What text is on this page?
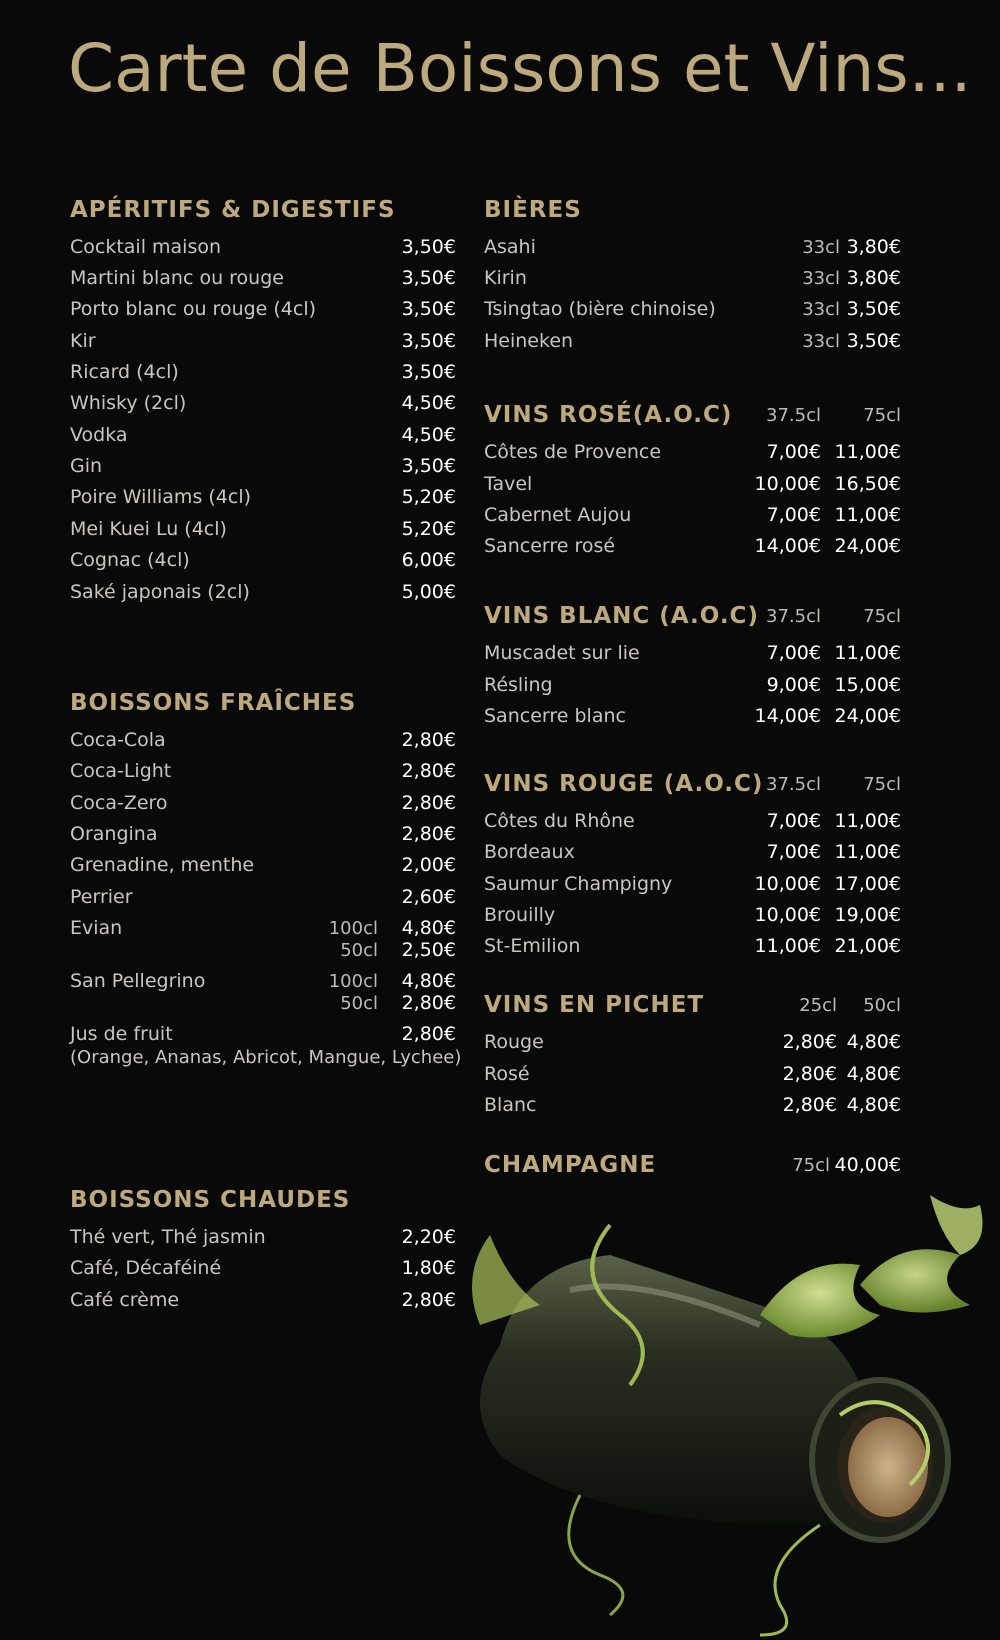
Carte de Boissons et Vins...
APÉRITIFS & DIGESTIFS
Cocktail maison	3,50€
Martini blanc ou rouge	3,50€
Porto blanc ou rouge (4cl)	3,50€
Kir	3,50€
Ricard (4cl)	3,50€
Whisky (2cl)	4,50€
Vodka	4,50€
Gin	3,50€
Poire Williams (4cl)	5,20€
Mei Kuei Lu (4cl)	5,20€
Cognac (4cl)	6,00€
Saké japonais (2cl)	5,00€
BOISSONS FRAÎCHES
Coca-Cola	2,80€
Coca-Light	2,80€
Coca-Zero	2,80€
Orangina	2,80€
Grenadine, menthe	2,00€
Perrier	2,60€
Evian	100cl 4,80€
50cl 2,50€
San Pellegrino	100cl 4,80€
50cl 2,80€
Jus de fruit	2,80€
(Orange, Ananas, Abricot, Mangue, Lychee)
BOISSONS CHAUDES
Thé vert, Thé jasmin	2,20€
Café, Décaféiné	1,80€
Café crème	2,80€
BIÈRES
Asahi	33cl 3,80€
Kirin	33cl 3,80€
Tsingtao (bière chinoise)	33cl 3,50€
Heineken	33cl 3,50€
VINS ROSÉ(A.O.C) 37.5cl 75cl
Côtes de Provence	7,00€ 11,00€
Tavel	10,00€ 16,50€
Cabernet Aujou	7,00€ 11,00€
Sancerre rosé	14,00€ 24,00€
VINS BLANC (A.O.C) 37.5cl 75cl
Muscadet sur lie	7,00€ 11,00€
Résling	9,00€ 15,00€
Sancerre blanc	14,00€ 24,00€
VINS ROUGE (A.O.C) 37.5cl 75cl
Côtes du Rhône	7,00€ 11,00€
Bordeaux	7,00€ 11,00€
Saumur Champigny	10,00€ 17,00€
Brouilly	10,00€ 19,00€
St-Emilion	11,00€ 21,00€
VINS EN PICHET	25cl 50cl
Rouge	2,80€ 4,80€
Rosé	2,80€ 4,80€
Blanc	2,80€ 4,80€
CHAMPAGNE	75cl 40,00€
